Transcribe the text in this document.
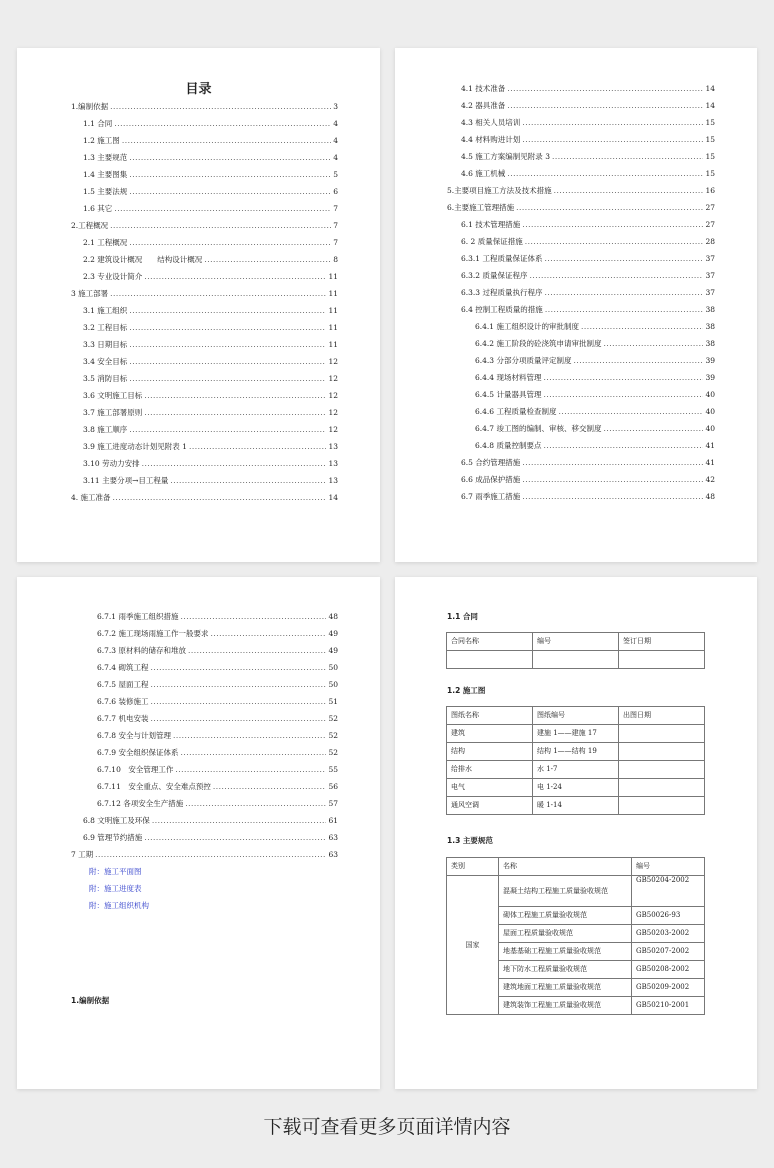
目录
1.编制依据 .....	3
1.1 合同 .....	4
1.2 施工图 .....	4
1.3 主要规范 .....	4
1.4 主要图集 .....	5
1.5 主要法规 .....	6
1.6 其它 .....	7
2.工程概况 .....	7
2.1 工程概况 .....	7
2.2 建筑设计概况　　结构设计概况 .....	8
2.3 专业设计简介 .....	11
3 施工部署 .....	11
3.1 施工组织 .....	11
3.2 工程目标 .....	11
3.3 日期目标 .....	11
3.4 安全目标 .....	12
3.5 消防目标 .....	12
3.6 文明施工目标 .....	12
3.7 施工部署原则 .....	12
3.8 施工顺序 .....	12
3.9 施工进度动态计划见附表 1 .....	13
3.10 劳动力安排 .....	13
3.11 主要分项→目工程量 .....	13
4. 施工准备 .....	14
4.1 技术准备 .....	14
4.2 器具准备 .....	14
4.3 相关人员培训 .....	15
4.4 材料购进计划 .....	15
4.5 施工方案编制见附录 3 .....	15
4.6 施工机械 .....	15
5.主要项目施工方法及技术措施 .....	16
6.主要施工管理措施 .....	27
6.1 技术管理措施 .....	27
6. 2 质量保证措施 .....	28
6.3.1 工程质量保证体系 .....	37
6.3.2 质量保证程序 .....	37
6.3.3 过程质量执行程序 .....	37
6.4 控制工程质量的措施 .....	38
6.4.1 施工组织设计的审批制度 .....	38
6.4.2 施工阶段的砼浇筑申请审批制度 .....	38
6.4.3 分部分项质量评定制度 .....	39
6.4.4 现场材料管理 .....	39
6.4.5 计量器具管理 .....	40
6.4.6 工程质量检查制度 .....	40
6.4.7 竣工图的编制、审核、移交制度 .....	40
6.4.8 质量控制要点 .....	41
6.5 合约管理措施 .....	41
6.6 成品保护措施 .....	42
6.7 雨季施工措施 .....	48
6.7.1 雨季施工组织措施 .....	48
6.7.2 施工现场雨施工作一般要求 .....	49
6.7.3 原材料的储存和堆放 .....	49
6.7.4 砌筑工程 .....	50
6.7.5 屋面工程 .....	50
6.7.6 装修施工 .....	51
6.7.7 机电安装 .....	52
6.7.8 安全与计划管理 .....	52
6.7.9 安全组织保证体系 .....	52
6.7.10　安全管理工作 .....	55
6.7.11　安全重点、安全难点预控 .....	56
6.7.12 各项安全生产措施 .....	57
6.8 文明施工及环保 .....	61
6.9 管理节约措施 .....	63
7 工期 .....	63
附：施工平面图
附：施工进度表
附：施工组织机构
1.编制依据
1.1 合同
合同名称	编号	签订日期

1.2 施工图
图纸名称	图纸编号	出图日期
建筑	建施 1——建施 17	
结构	结构 1——结构 19	
给排水	水 1-7	
电气	电 1-24	
通风空调	暖 1-14	
1.3 主要规范
类别	名称	编号
国家	混凝土结构工程施工质量验收规范	GB50204-2002
	砌体工程施工质量验收规范	GB50026-93
	屋面工程质量验收规范	GB50203-2002
	地基基础工程施工质量验收规范	GB50207-2002
	地下防水工程质量验收规范	GB50208-2002
	建筑地面工程施工质量验收规范	GB50209-2002
	建筑装饰工程施工质量验收规范	GB50210-2001
下载可查看更多页面详情内容
